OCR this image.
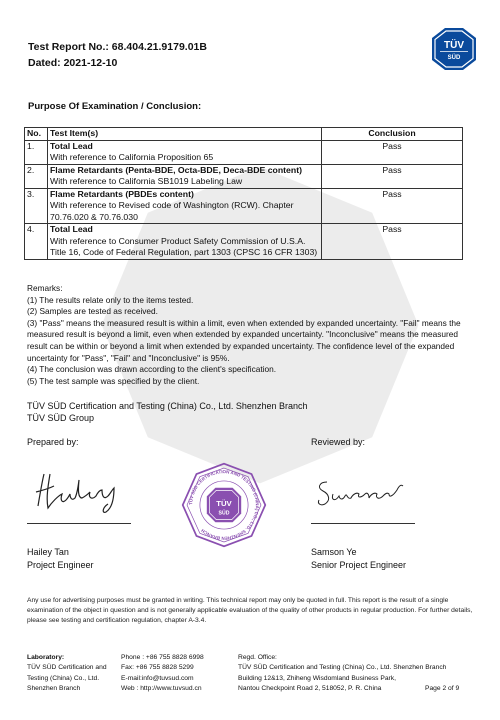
Test Report No.: 68.404.21.9179.01B
Dated: 2021-12-10
TÜV
SÜD
Purpose Of Examination / Conclusion:
No.	Test Item(s)	Conclusion
1.	Total Lead
With reference to California Proposition 65	Pass
2.	Flame Retardants (Penta-BDE, Octa-BDE, Deca-BDE content)
With reference to California SB1019 Labeling Law	Pass
3.	Flame Retardants (PBDEs content)
With reference to Revised code of Washington (RCW). Chapter 70.76.020 & 70.76.030	Pass
4.	Total Lead
With reference to Consumer Product Safety Commission of U.S.A. Title 16, Code of Federal Regulation, part 1303 (CPSC 16 CFR 1303)	Pass
Remarks:
(1) The results relate only to the items tested.
(2) Samples are tested as received.
(3) "Pass" means the measured result is within a limit, even when extended by expanded uncertainty. "Fail" means the measured result is beyond a limit, even when extended by expanded uncertainty. "Inconclusive" means the measured result can be within or beyond a limit when extended by expanded uncertainty. The confidence level of the expanded uncertainty for "Pass", "Fail" and "Inconclusive" is 95%.
(4) The conclusion was drawn according to the client's specification.
(5) The test sample was specified by the client.
TÜV SÜD Certification and Testing (China) Co., Ltd. Shenzhen Branch
TÜV SÜD Group
Prepared by:	Reviewed by:
TÜV SÜD CERTIFICATION AND TESTING (CHINA) CO., LTD. SHENZHEN BRANCH
TÜV
SÜD
Hailey Tan
Project Engineer
Samson Ye
Senior Project Engineer
Any use for advertising purposes must be granted in writing. This technical report may only be quoted in full. This report is the result of a single examination of the object in question and is not generally applicable evaluation of the quality of other products in regular production. For further details, please see testing and certification regulation, chapter A-3.4.
Laboratory:
TÜV SÜD Certification and
Testing (China) Co., Ltd.
Shenzhen Branch
Phone : +86 755 8828 6998
Fax: +86 755 8828 5299
E-mail:info@tuvsud.com
Web : http://www.tuvsud.cn
Regd. Office:
TÜV SÜD Certification and Testing (China) Co., Ltd. Shenzhen Branch
Building 12&13, Zhiheng Wisdomland Business Park,
Nantou Checkpoint Road 2, 518052, P. R. China	Page 2 of 9
